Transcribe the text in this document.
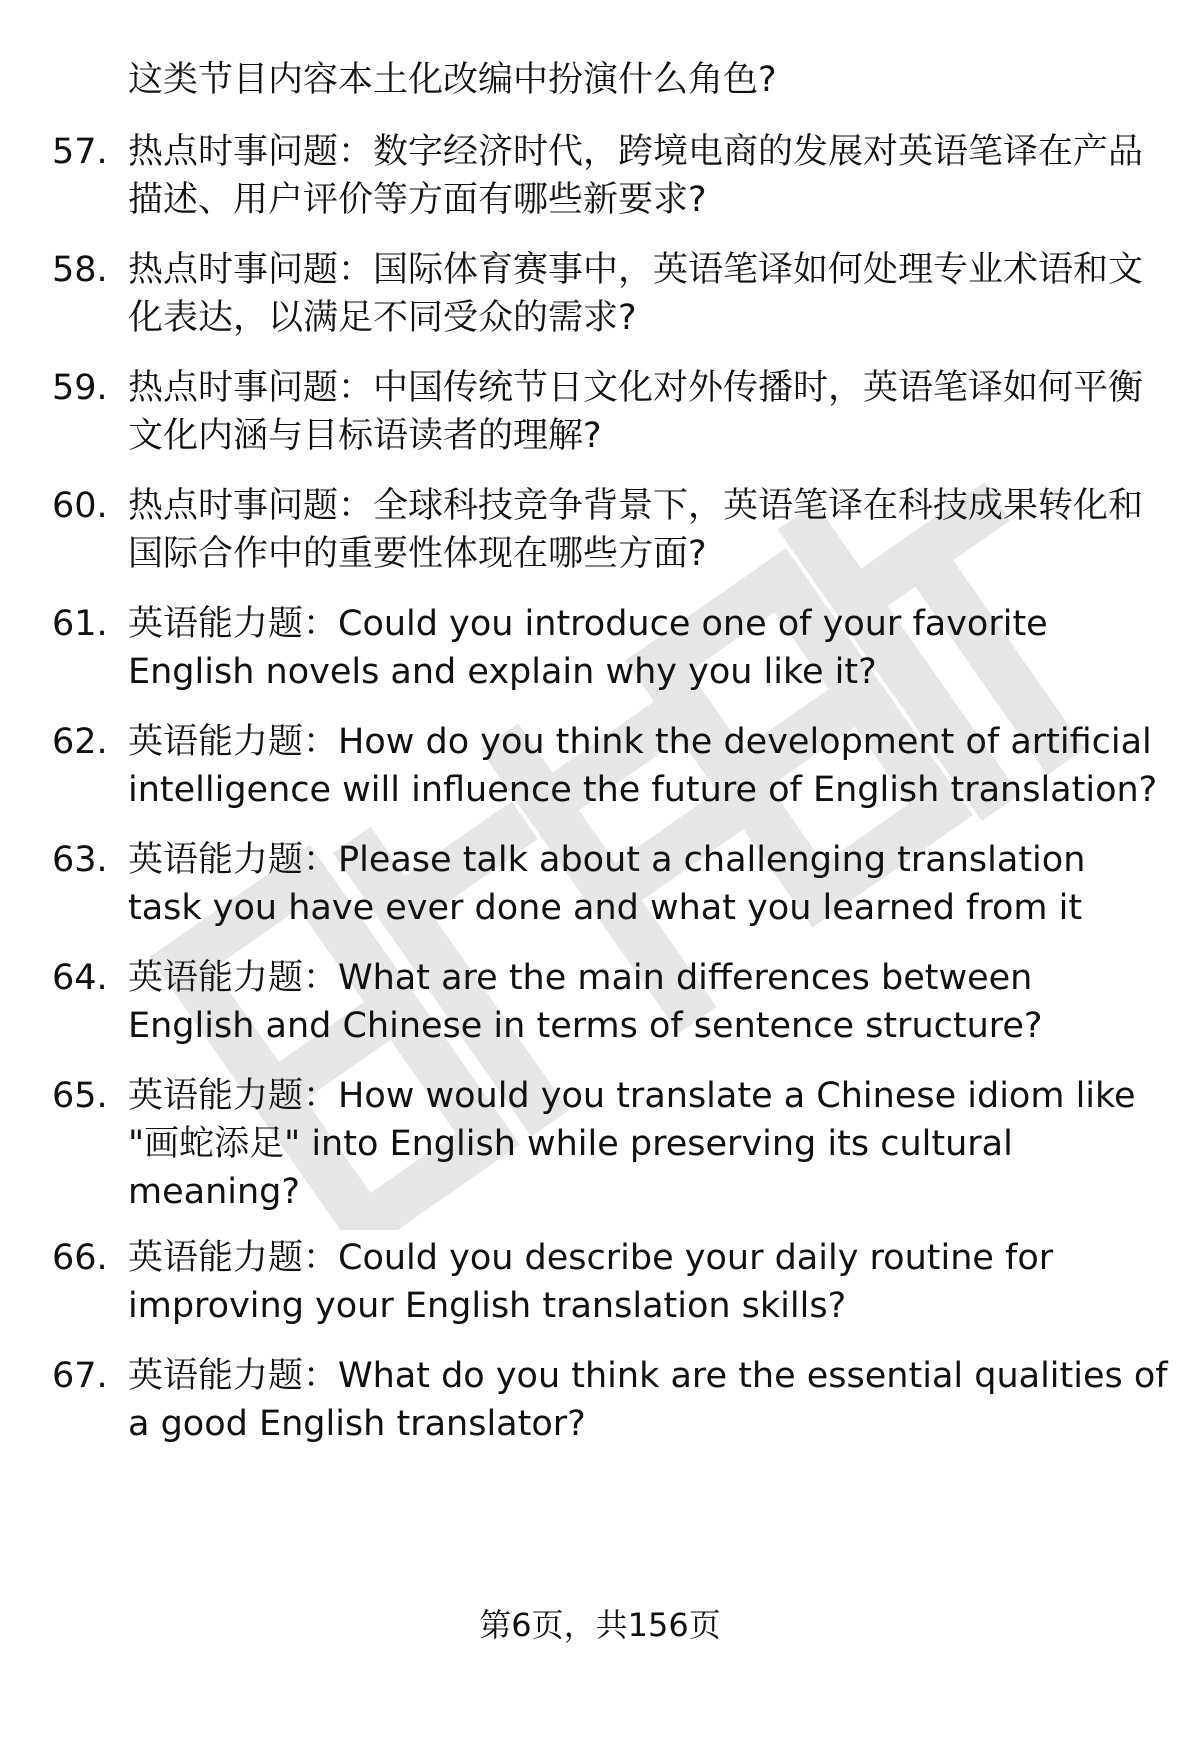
这类节目内容本土化改编中扮演什么角色?

57. 热点时事问题：数字经济时代，跨境电商的发展对英语笔译在产品描述、用户评价等方面有哪些新要求?
58. 热点时事问题：国际体育赛事中，英语笔译如何处理专业术语和文化表达，以满足不同受众的需求?
59. 热点时事问题：中国传统节日文化对外传播时，英语笔译如何平衡文化内涵与目标语读者的理解?
60. 热点时事问题：全球科技竞争背景下，英语笔译在科技成果转化和国际合作中的重要性体现在哪些方面?
61. 英语能力题：Could you introduce one of your favorite English novels and explain why you like it?
62. 英语能力题：How do you think the development of artificial intelligence will influence the future of English translation?
63. 英语能力题：Please talk about a challenging translation task you have ever done and what you learned from it
64. 英语能力题：What are the main differences between English and Chinese in terms of sentence structure?
65. 英语能力题：How would you translate a Chinese idiom like "画蛇添足" into English while preserving its cultural meaning?
66. 英语能力题：Could you describe your daily routine for improving your English translation skills?
67. 英语能力题：What do you think are the essential qualities of a good English translator?
第6页，共156页
